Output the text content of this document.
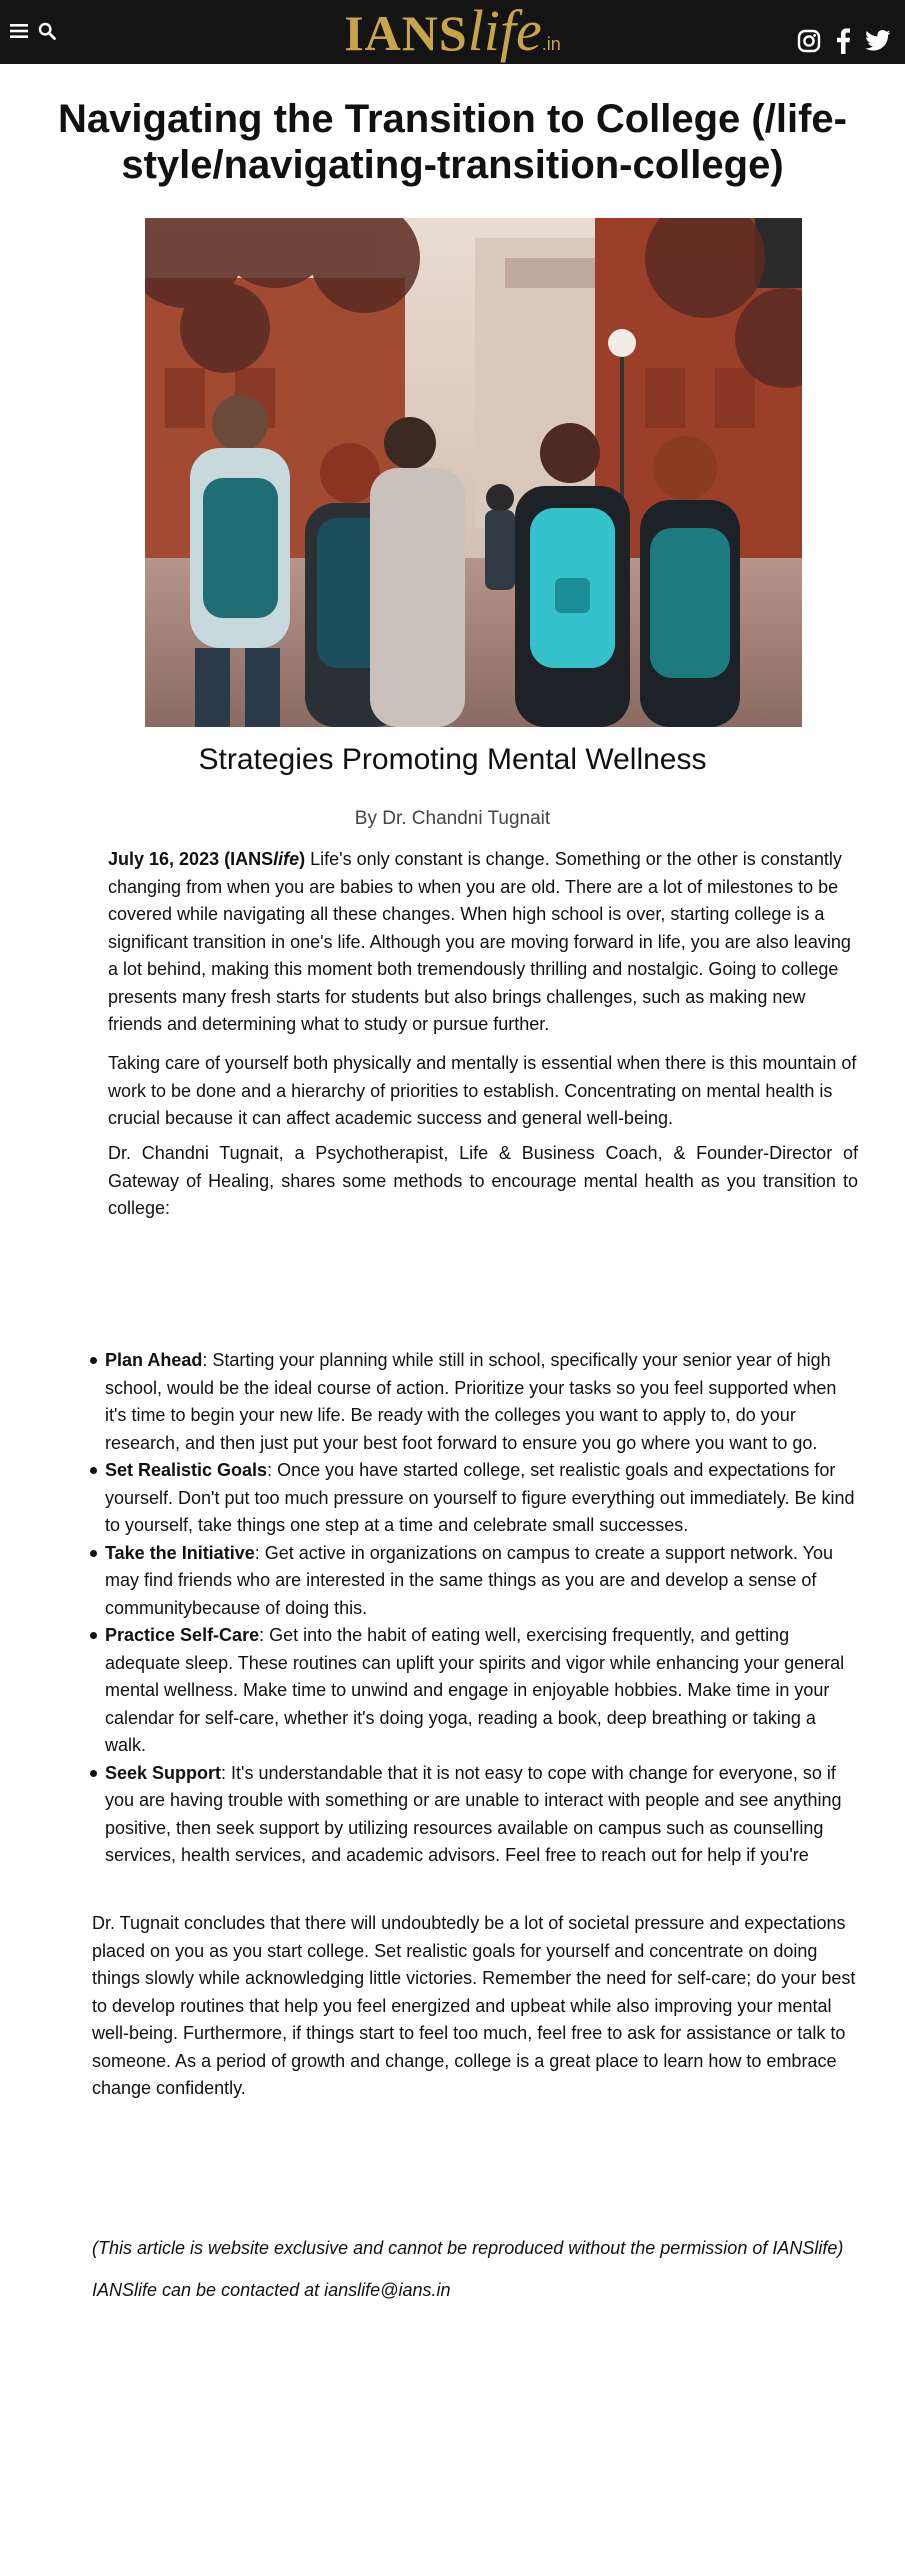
IANSlife.in
Navigating the Transition to College (/life-style/navigating-transition-college)
Strategies Promoting Mental Wellness
By Dr. Chandni Tugnait

July 16, 2023 (IANSlife) Life's only constant is change. Something or the other is constantly changing from when you are babies to when you are old. There are a lot of milestones to be covered while navigating all these changes. When high school is over, starting college is a significant transition in one's life. Although you are moving forward in life, you are also leaving a lot behind, making this moment both tremendously thrilling and nostalgic. Going to college presents many fresh starts for students but also brings challenges, such as making new friends and determining what to study or pursue further.

Taking care of yourself both physically and mentally is essential when there is this mountain of work to be done and a hierarchy of priorities to establish. Concentrating on mental health is crucial because it can affect academic success and general well-being.

Dr. Chandni Tugnait, a Psychotherapist, Life & Business Coach, & Founder-Director of Gateway of Healing, shares some methods to encourage mental health as you transition to college:

Plan Ahead: Starting your planning while still in school, specifically your senior year of high school, would be the ideal course of action. Prioritize your tasks so you feel supported when it's time to begin your new life. Be ready with the colleges you want to apply to, do your research, and then just put your best foot forward to ensure you go where you want to go.
Set Realistic Goals: Once you have started college, set realistic goals and expectations for yourself. Don't put too much pressure on yourself to figure everything out immediately. Be kind to yourself, take things one step at a time and celebrate small successes.
Take the Initiative: Get active in organizations on campus to create a support network. You may find friends who are interested in the same things as you are and develop a sense of communitybecause of doing this.
Practice Self-Care: Get into the habit of eating well, exercising frequently, and getting adequate sleep. These routines can uplift your spirits and vigor while enhancing your general mental wellness. Make time to unwind and engage in enjoyable hobbies. Make time in your calendar for self-care, whether it's doing yoga, reading a book, deep breathing or taking a walk.
Seek Support: It's understandable that it is not easy to cope with change for everyone, so if you are having trouble with something or are unable to interact with people and see anything positive, then seek support by utilizing resources available on campus such as counselling services, health services, and academic advisors. Feel free to reach out for help if you're

Dr. Tugnait concludes that there will undoubtedly be a lot of societal pressure and expectations placed on you as you start college. Set realistic goals for yourself and concentrate on doing things slowly while acknowledging little victories. Remember the need for self-care; do your best to develop routines that help you feel energized and upbeat while also improving your mental well-being. Furthermore, if things start to feel too much, feel free to ask for assistance or talk to someone. As a period of growth and change, college is a great place to learn how to embrace change confidently.

(This article is website exclusive and cannot be reproduced without the permission of IANSlife)

IANSlife can be contacted at ianslife@ians.in
